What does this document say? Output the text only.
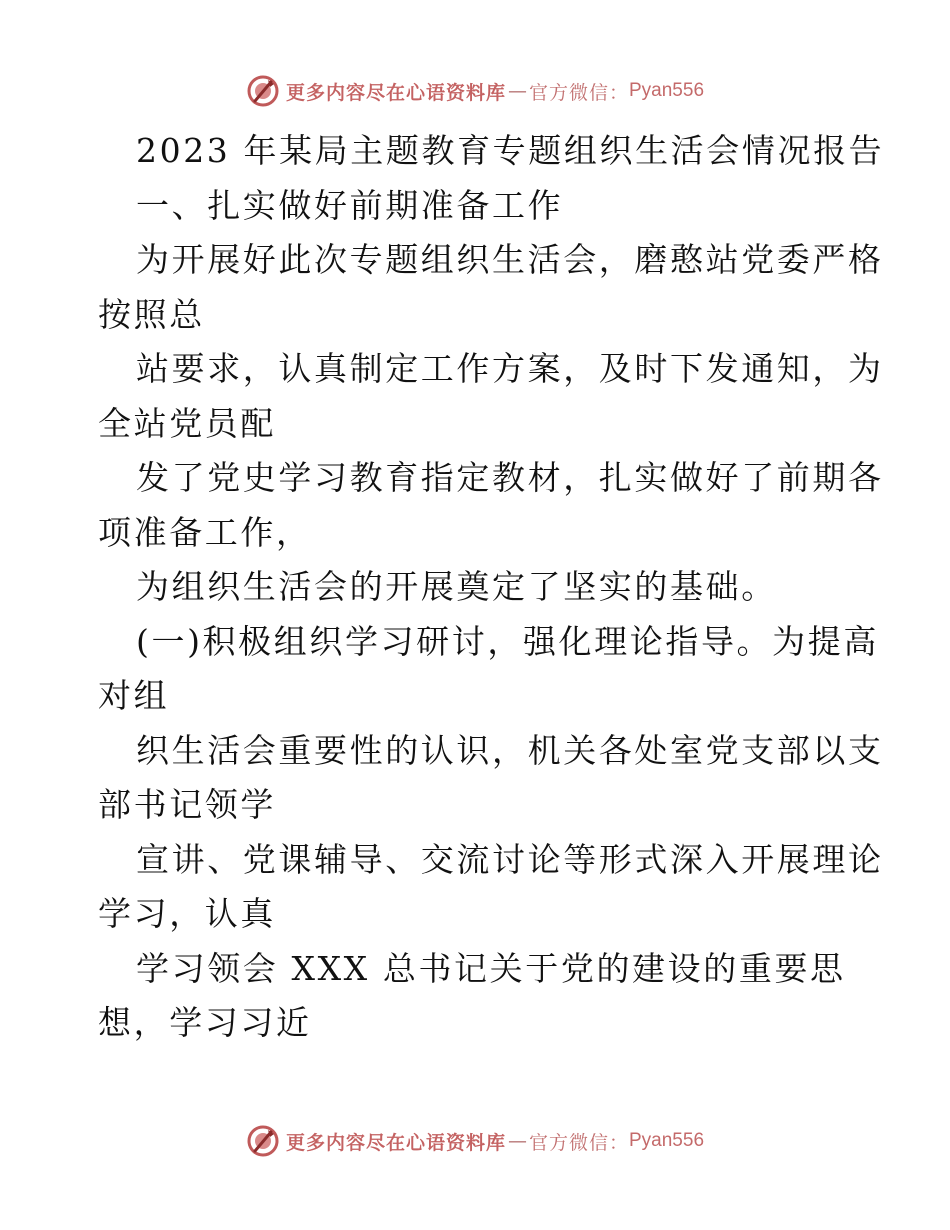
更多内容尽在心语资料库 — 官方微信： Pyan556
2023 年某局主题教育专题组织生活会情况报告
一、扎实做好前期准备工作
为开展好此次专题组织生活会，磨憨站党委严格
按照总
站要求，认真制定工作方案，及时下发通知，为
全站党员配
发了党史学习教育指定教材，扎实做好了前期各
项准备工作，
为组织生活会的开展奠定了坚实的基础。
(一)积极组织学习研讨，强化理论指导。为提高
对组
织生活会重要性的认识，机关各处室党支部以支
部书记领学
宣讲、党课辅导、交流讨论等形式深入开展理论
学习，认真
学习领会 XXX 总书记关于党的建设的重要思
想，学习习近
更多内容尽在心语资料库 — 官方微信： Pyan556
